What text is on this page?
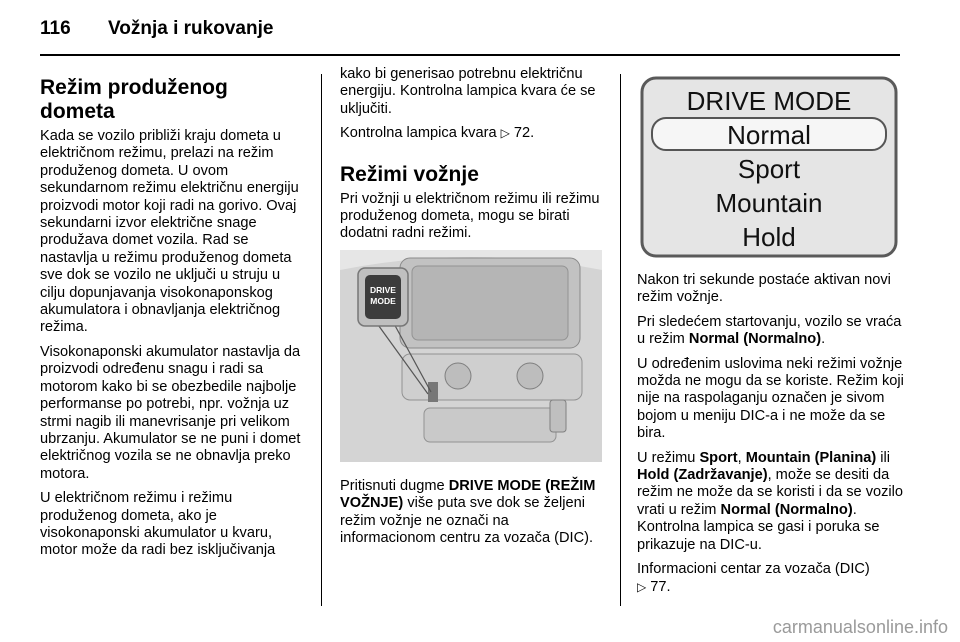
116 Vožnja i rukovanje
Režim produženog dometa

Kada se vozilo približi kraju dometa u električnom režimu, prelazi na režim produženog dometa. U ovom sekundarnom režimu električnu energiju proizvodi motor koji radi na gorivo. Ovaj sekundarni izvor električne snage produžava domet vozila. Rad se nastavlja u režimu produženog dometa sve dok se vozilo ne uključi u struju u cilju dopunjavanja visokonaponskog akumulatora i obnavljanja električnog režima.

Visokonaponski akumulator nastavlja da proizvodi određenu snagu i radi sa motorom kako bi se obezbedile najbolje performanse po potrebi, npr. vožnja uz strmi nagib ili manevrisanje pri velikom ubrzanju. Akumulator se ne puni i domet električnog vozila se ne obnavlja preko motora.

U električnom režimu i režimu produženog dometa, ako je visokonaponski akumulator u kvaru, motor može da radi bez isključivanja

kako bi generisao potrebnu električnu energiju. Kontrolna lampica kvara će se uključiti.

Kontrolna lampica kvara ▷ 72.

Režimi vožnje

Pri vožnji u električnom režimu ili režimu produženog dometa, mogu se birati dodatni radni režimi.

DRIVE
MODE

Pritisnuti dugme DRIVE MODE (REŽIM VOŽNJE) više puta sve dok se željeni režim vožnje ne označi na informacionom centru za vozača (DIC).

DRIVE MODE
Normal
Sport
Mountain
Hold

Nakon tri sekunde postaće aktivan novi režim vožnje.

Pri sledećem startovanju, vozilo se vraća u režim Normal (Normalno).

U određenim uslovima neki režimi vožnje možda ne mogu da se koriste. Režim koji nije na raspolaganju označen je sivom bojom u meniju DIC-a i ne može da se bira.

U režimu Sport, Mountain (Planina) ili Hold (Zadržavanje), može se desiti da režim ne može da se koristi i da se vozilo vrati u režim Normal (Normalno). Kontrolna lampica se gasi i poruka se prikazuje na DIC-u.

Informacioni centar za vozača (DIC)
▷ 77.

carmanualsonline.info
